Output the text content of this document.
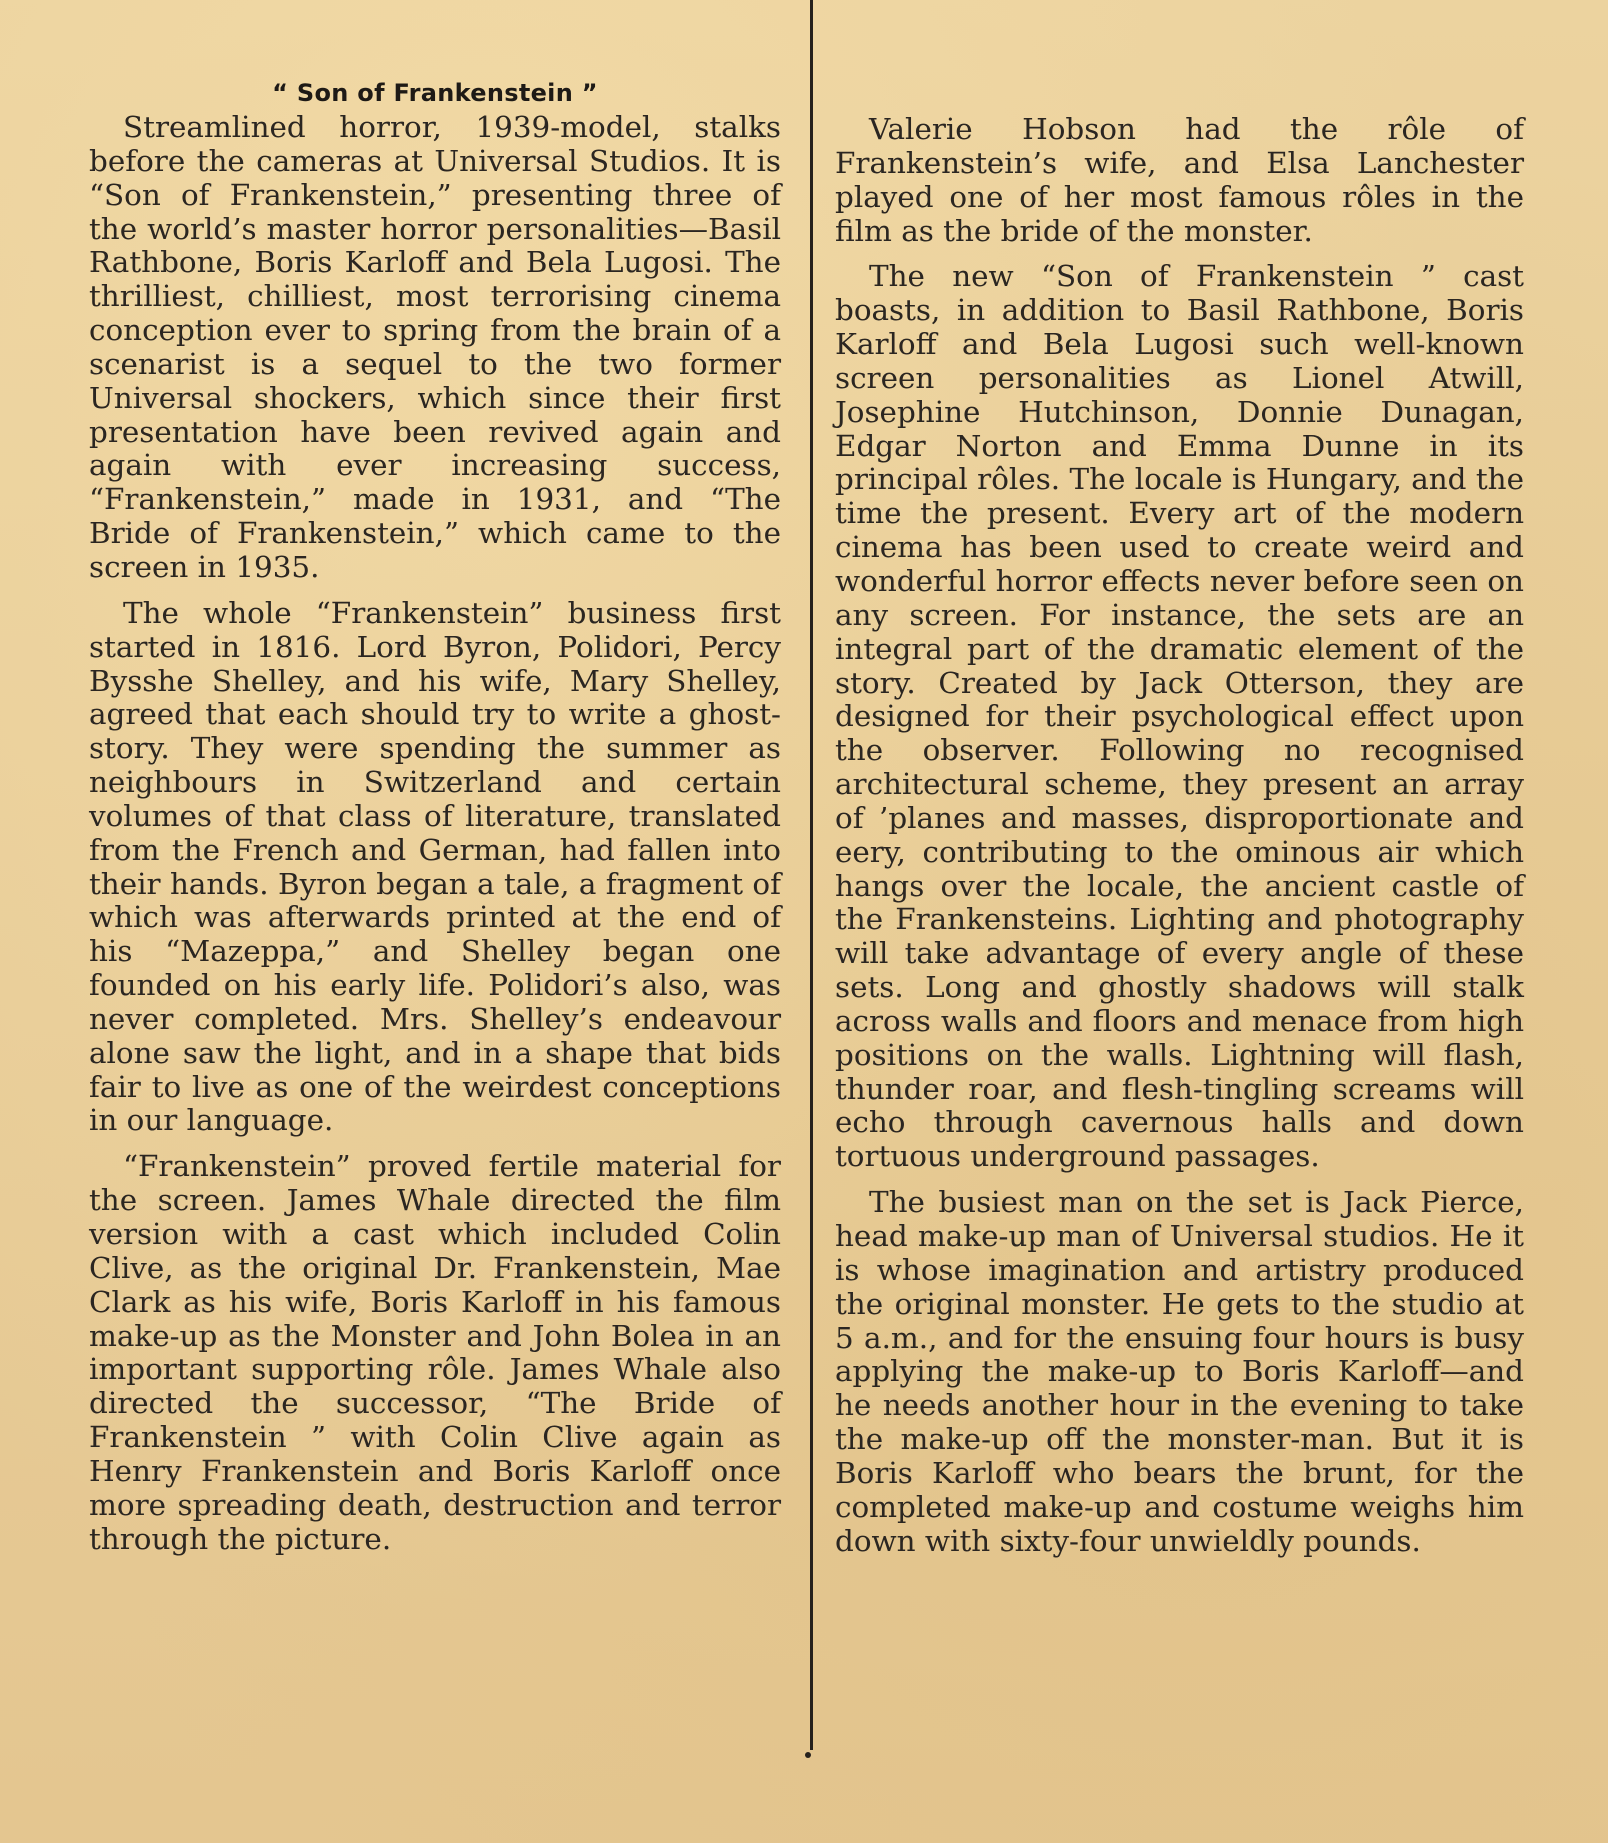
“ Son of Frankenstein ”

Streamlined horror, 1939-model, stalks before the cameras at Universal Studios. It is “Son of Frankenstein,” presenting three of the world’s master horror personalities—Basil Rathbone, Boris Karloff and Bela Lugosi. The thrilliest, chilliest, most terrorising cinema conception ever to spring from the brain of a scenarist is a sequel to the two former Universal shockers, which since their first presentation have been revived again and again with ever increasing success, “Frankenstein,” made in 1931, and “The Bride of Frankenstein,” which came to the screen in 1935.

The whole “Frankenstein” business first started in 1816. Lord Byron, Polidori, Percy Bysshe Shelley, and his wife, Mary Shelley, agreed that each should try to write a ghost-story. They were spending the summer as neighbours in Switzerland and certain volumes of that class of literature, translated from the French and German, had fallen into their hands. Byron began a tale, a fragment of which was afterwards printed at the end of his “Mazeppa,” and Shelley began one founded on his early life. Polidori’s also, was never completed. Mrs. Shelley’s endeavour alone saw the light, and in a shape that bids fair to live as one of the weirdest conceptions in our language.

“Frankenstein” proved fertile material for the screen. James Whale directed the film version with a cast which included Colin Clive, as the original Dr. Frankenstein, Mae Clark as his wife, Boris Karloff in his famous make-up as the Monster and John Bolea in an important supporting rôle. James Whale also directed the successor, “The Bride of Frankenstein ” with Colin Clive again as Henry Frankenstein and Boris Karloff once more spreading death, destruction and terror through the picture.

Valerie Hobson had the rôle of Frankenstein’s wife, and Elsa Lanchester played one of her most famous rôles in the film as the bride of the monster.

The new “Son of Frankenstein ” cast boasts, in addition to Basil Rathbone, Boris Karloff and Bela Lugosi such well-known screen personalities as Lionel Atwill, Josephine Hutchinson, Donnie Dunagan, Edgar Norton and Emma Dunne in its principal rôles. The locale is Hungary, and the time the present. Every art of the modern cinema has been used to create weird and wonderful horror effects never before seen on any screen. For instance, the sets are an integral part of the dramatic element of the story. Created by Jack Otterson, they are designed for their psychological effect upon the observer. Following no recognised architectural scheme, they present an array of ’planes and masses, disproportionate and eery, contributing to the ominous air which hangs over the locale, the ancient castle of the Frankensteins. Lighting and photography will take advantage of every angle of these sets. Long and ghostly shadows will stalk across walls and floors and menace from high positions on the walls. Lightning will flash, thunder roar, and flesh-tingling screams will echo through cavernous halls and down tortuous underground passages.

The busiest man on the set is Jack Pierce, head make-up man of Universal studios. He it is whose imagination and artistry produced the original monster. He gets to the studio at 5 a.m., and for the ensuing four hours is busy applying the make-up to Boris Karloff—and he needs another hour in the evening to take the make-up off the monster-man. But it is Boris Karloff who bears the brunt, for the completed make-up and costume weighs him down with sixty-four unwieldly pounds.
